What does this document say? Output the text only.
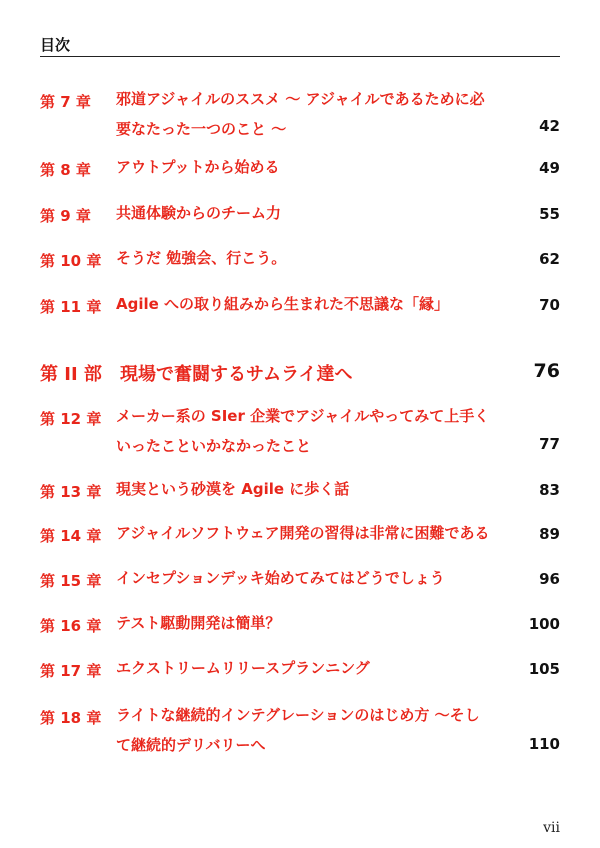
目次
第 7 章 邪道アジャイルのススメ 〜 アジャイルであるために必
要なたった一つのこと 〜	42
第 8 章 アウトプットから始める	49
第 9 章 共通体験からのチーム力	55
第 10 章 そうだ 勉強会、行こう。	62
第 11 章 Agile への取り組みから生まれた不思議な「縁」	70
第 II 部 現場で奮闘するサムライ達へ	76
第 12 章 メーカー系の SIer 企業でアジャイルやってみて上手く
いったこといかなかったこと	77
第 13 章 現実という砂漠を Agile に歩く話	83
第 14 章 アジャイルソフトウェア開発の習得は非常に困難である	89
第 15 章 インセプションデッキ始めてみてはどうでしょう	96
第 16 章 テスト駆動開発は簡単？	100
第 17 章 エクストリームリリースプランニング	105
第 18 章 ライトな継続的インテグレーションのはじめ方 〜そし
て継続的デリバリーへ	110
vii
